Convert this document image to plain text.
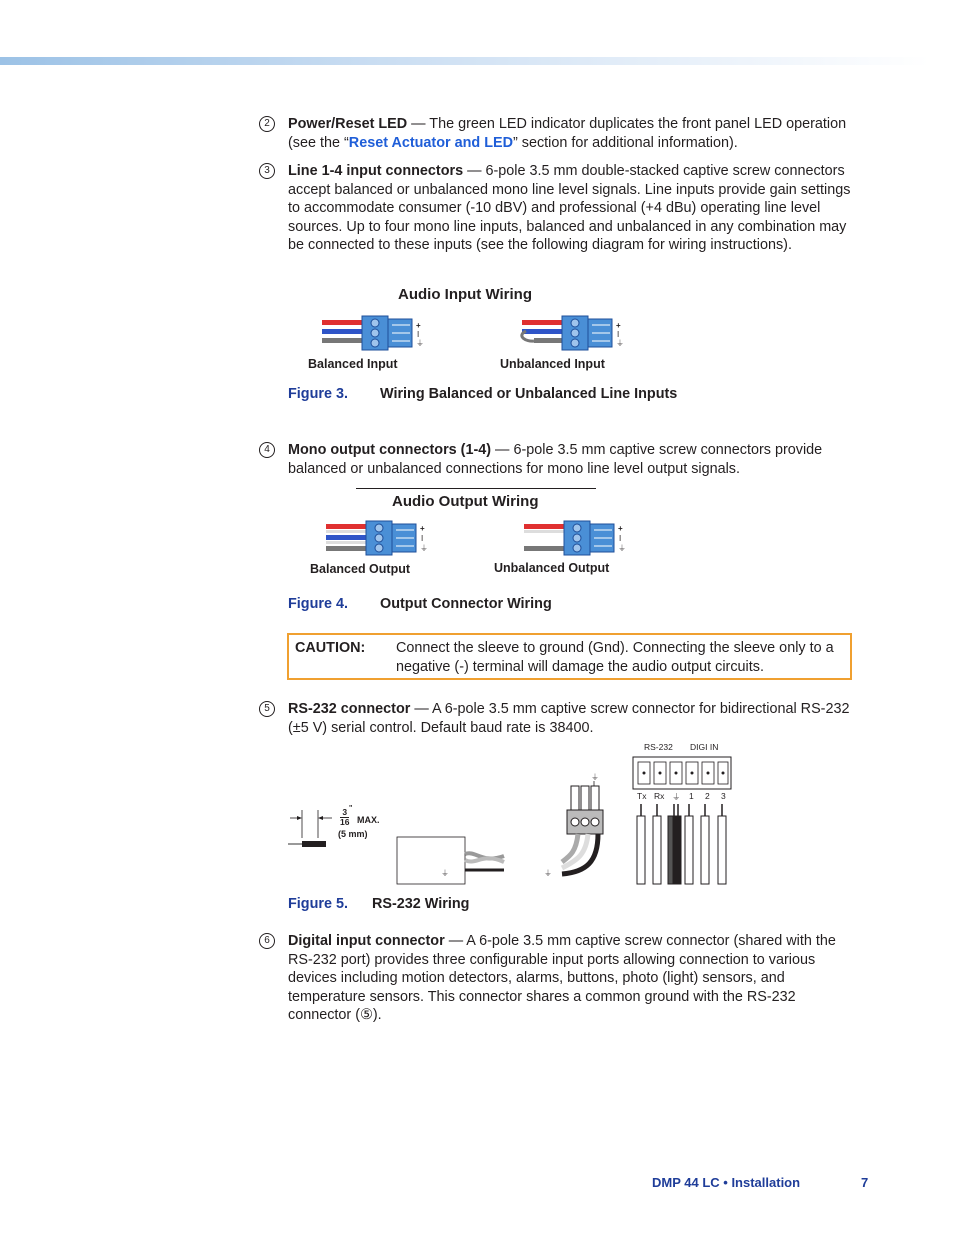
2	Power/Reset LED — The green LED indicator duplicates the front panel LED operation (see the “Reset Actuator and LED” section for additional information).
3	Line 1-4 input connectors — 6-pole 3.5 mm double-stacked captive screw connectors accept balanced or unbalanced mono line level signals. Line inputs provide gain settings to accommodate consumer (-10 dBV) and professional (+4 dBu) operating line level sources. Up to four mono line inputs, balanced and unbalanced in any combination may be connected to these inputs (see the following diagram for wiring instructions).
Audio Input Wiring
+
I
⏚
+
I
⏚
Balanced Input	Unbalanced Input
Figure 3. Wiring Balanced or Unbalanced Line Inputs
4	Mono output connectors (1-4) — 6-pole 3.5 mm captive screw connectors provide balanced or unbalanced connections for mono line level output signals.
Audio Output Wiring
+
I
⏚
+
I
⏚
Balanced Output	Unbalanced Output
Figure 4. Output Connector Wiring
CAUTION: Connect the sleeve to ground (Gnd). Connecting the sleeve only to a negative (-) terminal will damage the audio output circuits.
5	RS-232 connector — A 6-pole 3.5 mm captive screw connector for bidirectional RS-232 (±5 V) serial control. Default baud rate is 38400.
3
16
"
MAX.
(5 mm)
⏚
⏚
⏚
RS-232 DIGI IN
Tx Rx ⏚ 1 2 3
Figure 5. RS-232 Wiring
6	Digital input connector — A 6-pole 3.5 mm captive screw connector (shared with the RS-232 port) provides three configurable input ports allowing connection to various devices including motion detectors, alarms, buttons, photo (light) sensors, and temperature sensors. This connector shares a common ground with the RS-232 connector (⑤).
DMP 44 LC • Installation	7
